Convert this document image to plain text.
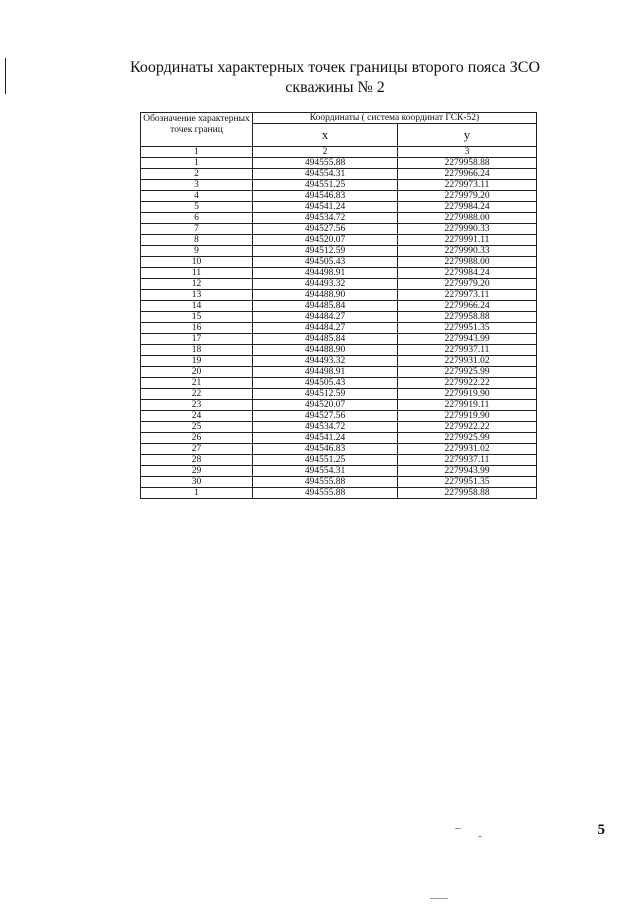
Координаты характерных точек границы второго пояса ЗСО
скважины № 2
Обозначение характерных точек границ	Координаты ( система координат ГСК-52)	
	x	y
1	2	3
1	494555.88	2279958.88
2	494554.31	2279966.24
3	494551.25	2279973.11
4	494546.83	2279979.20
5	494541.24	2279984.24
6	494534.72	2279988.00
7	494527.56	2279990.33
8	494520.07	2279991.11
9	494512.59	2279990.33
10	494505.43	2279988.00
11	494498.91	2279984.24
12	494493.32	2279979.20
13	494488.90	2279973.11
14	494485.84	2279966.24
15	494484.27	2279958.88
16	494484.27	2279951.35
17	494485.84	2279943.99
18	494488.90	2279937.11
19	494493.32	2279931.02
20	494498.91	2279925.99
21	494505.43	2279922.22
22	494512.59	2279919.90
23	494520.07	2279919.11
24	494527.56	2279919.90
25	494534.72	2279922.22
26	494541.24	2279925.99
27	494546.83	2279931.02
28	494551.25	2279937.11
29	494554.31	2279943.99
30	494555.88	2279951.35
1	494555.88	2279958.88
5
